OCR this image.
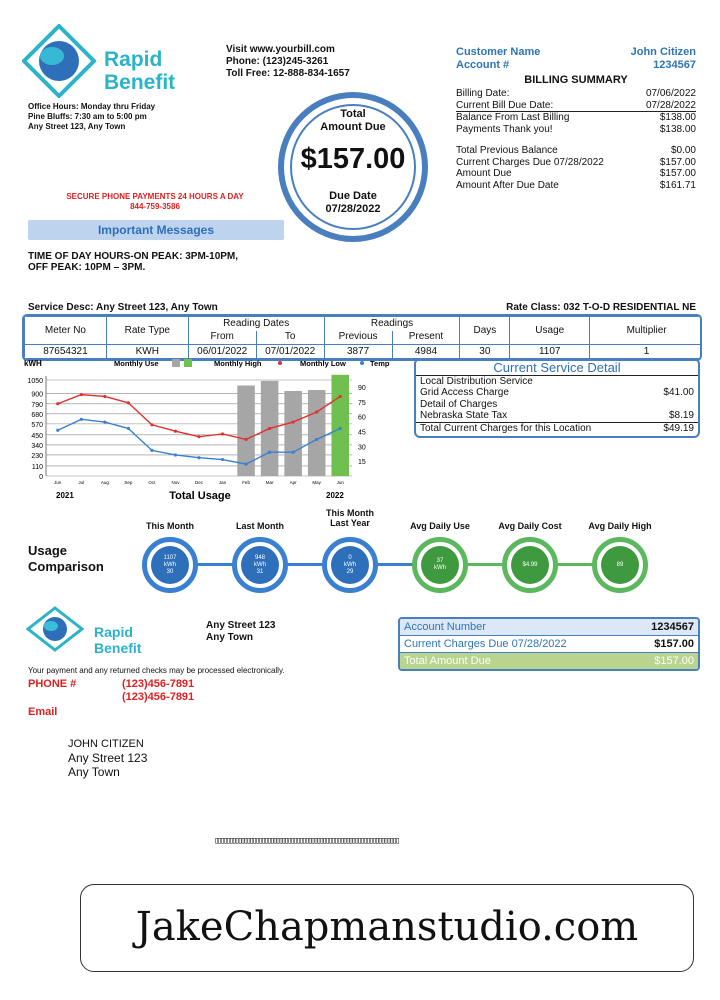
Rapid
Benefit
Office Hours: Monday thru Friday
Pine Bluffs: 7:30 am to 5:00 pm
Any Street 123, Any Town
Visit www.yourbill.com
Phone: (123)245-3261
Toll Free: 12-888-834-1657
SECURE PHONE PAYMENTS 24 HOURS A DAY
844-759-3586
Important Messages
TIME OF DAY HOURS-ON PEAK: 3PM-10PM,
OFF PEAK: 10PM – 3PM.
Total
Amount Due
$157.00
Due Date
07/28/2022
Customer Name	John Citizen
Account #	1234567
BILLING SUMMARY
Billing Date:	07/06/2022
Current Bill Due Date:	07/28/2022
Balance From Last Billing	$138.00
Payments Thank you!	$138.00
Total Previous Balance	$0.00
Current Charges Due 07/28/2022	$157.00
Amount Due	$157.00
Amount After Due Date	$161.71
Service Desc: Any Street 123, Any Town	Rate Class: 032 T-O-D RESIDENTIAL NE
Meter No	Rate Type	Reading Dates		Readings		Days	Usage	Multiplier
		From	To	Previous	Present			
87654321	KWH	06/01/2022	07/01/2022	3877	4984	30	1107	1
kWH
0
110
230
340
450
570
680
790
900
1050
15
30
45
60
75
90
Jun	Jul	Aug	Sep	Oct	Nov	Dec	Jan	Feb	Mar	Apr	May	Jun
Monthly Use	Monthly High	Monthly Low	Temp
2021	2022
Total Usage
Current Service Detail
Local Distribution Service
Grid Access Charge	$41.00
Detail of Charges
Nebraska State Tax	$8.19
Total Current Charges for this Location	$49.19
Usage
Comparison
1107
kWh
30
This Month
948
kWh
31
Last Month
0
kWh
29
This Month Last Year
37
kWh
Avg Daily Use
$4.99
Avg Daily Cost
89
Avg Daily High
Rapid
Benefit
Any Street 123
Any Town
Your payment and any returned checks may be processed electronically.
PHONE #	(123)456-7891
(123)456-7891
Email
Account Number	1234567
Current Charges Due 07/28/2022	$157.00
Total Amount Due	$157.00
JOHN CITIZEN
Any Street 123
Any Town
▯▯▯▯▯▯▯▯▯▯▯▯▯▯▯▯▯▯▯▯▯▯▯▯▯▯▯▯▯▯▯▯▯▯▯▯▯▯▯▯▯▯▯▯▯▯▯▯▯▯▯▯▯▯▯▯▯▯▯▯▯▯▯
JakeChapmanstudio.com
